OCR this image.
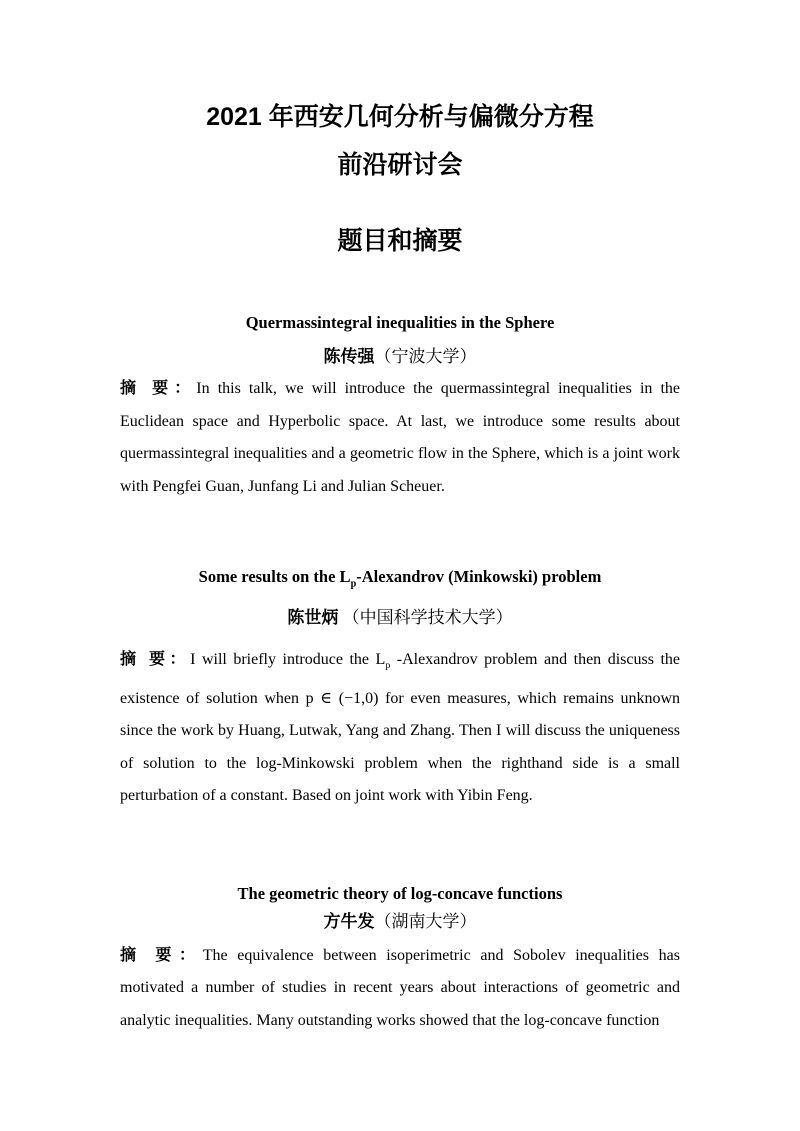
2021 年西安几何分析与偏微分方程
前沿研讨会
题目和摘要
Quermassintegral inequalities in the Sphere
陈传强（宁波大学）

摘 要：In this talk, we will introduce the quermassintegral inequalities in the Euclidean space and Hyperbolic space. At last, we introduce some results about quermassintegral inequalities and a geometric flow in the Sphere, which is a joint work with Pengfei Guan, Junfang Li and Julian Scheuer.

Some results on the $L_p$-Alexandrov (Minkowski) problem
陈世炳 （中国科学技术大学）

摘 要：I will briefly introduce the $L_p$ -Alexandrov problem and then discuss the existence of solution when p ∈ (−1,0) for even measures, which remains unknown since the work by Huang, Lutwak, Yang and Zhang. Then I will discuss the uniqueness of solution to the log-Minkowski problem when the righthand side is a small perturbation of a constant. Based on joint work with Yibin Feng.

The geometric theory of log-concave functions
方牛发（湖南大学）

摘 要：The equivalence between isoperimetric and Sobolev inequalities has motivated a number of studies in recent years about interactions of geometric and analytic inequalities. Many outstanding works showed that the log-concave function
